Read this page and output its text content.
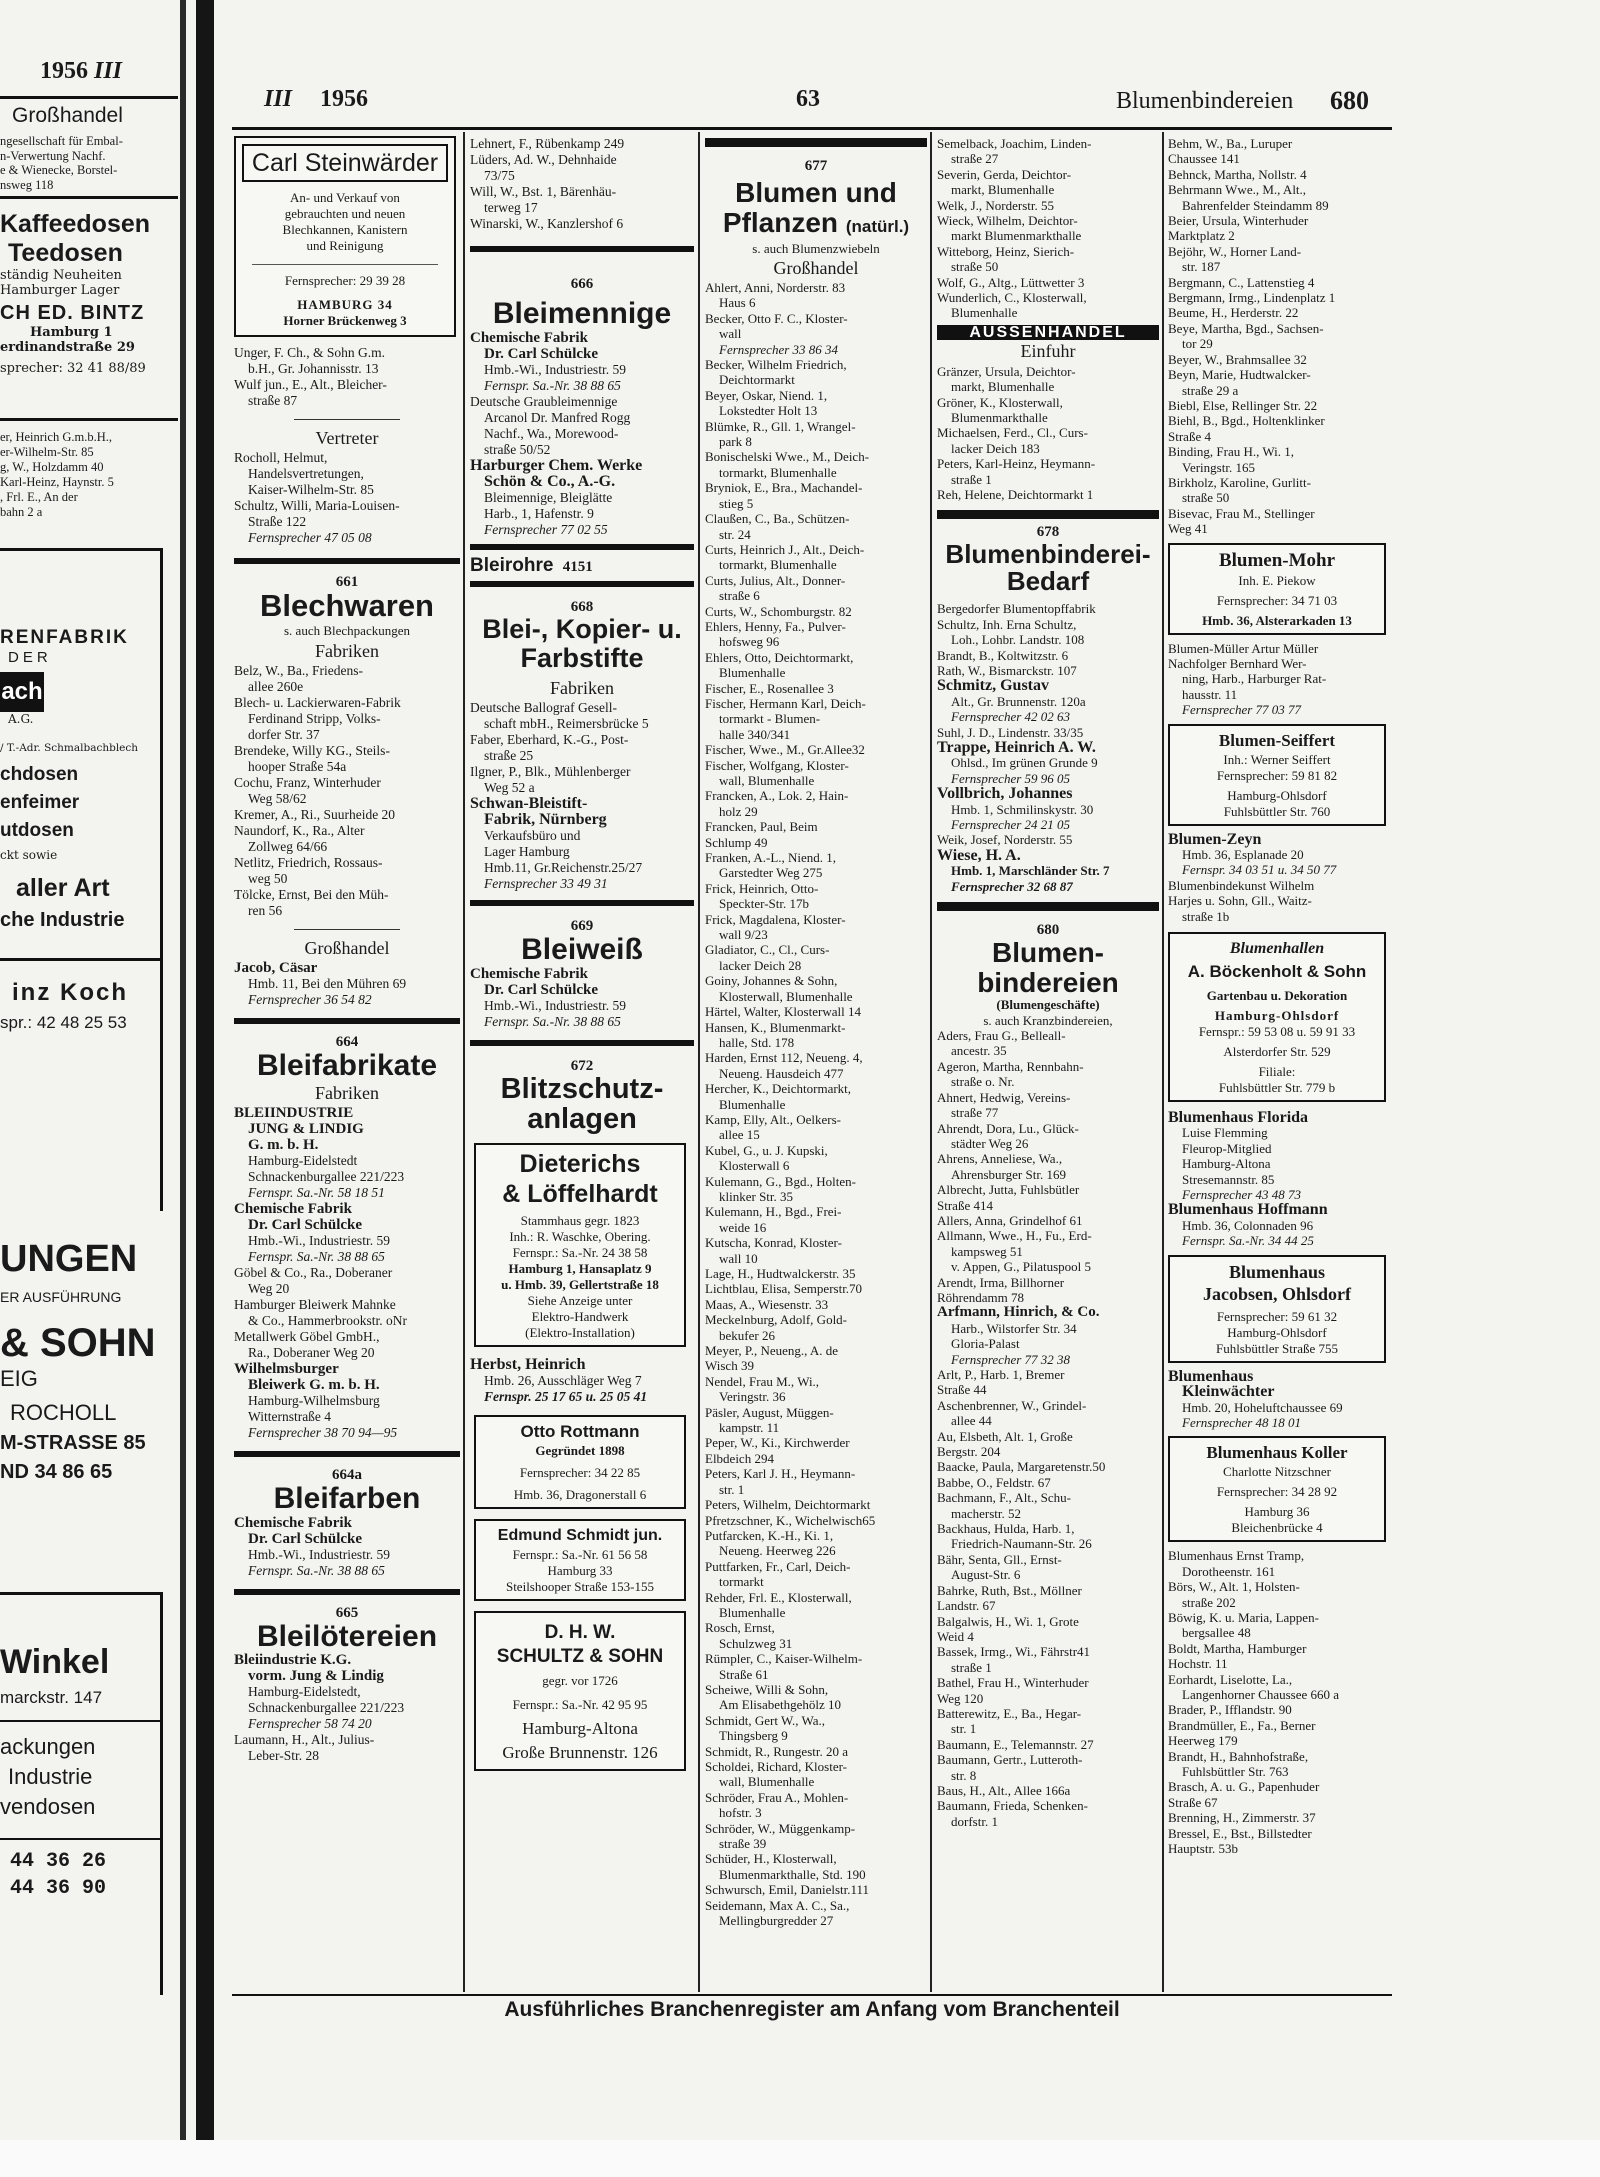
1956 III
Großhandel

ngesellschaft für Embal-

n-Verwertung Nachf.

e & Wienecke, Borstel-

nsweg 118

Kaffeedosen
Teedosen
ständig Neuheiten
Hamburger Lager
CH ED. BINTZ
Hamburg 1
erdinandstraße 29
sprecher: 32 41 88/89

er, Heinrich G.m.b.H.,

er-Wilhelm-Str. 85

g, W., Holzdamm 40

Karl-Heinz, Haynstr. 5

, Frl. E., An der

bahn 2 a

RENFABRIK
DER
ach
A.G.
/ T.-Adr. Schmalbachblech
chdosen
enfeimer
utdosen
ckt sowie
aller Art
che Industrie
inz Koch
spr.: 42 48 25 53
UNGEN
ER AUSFÜHRUNG
& SOHN
EIG
ROCHOLL
M-STRASSE 85
ND 34 86 65
Winkel
marckstr. 147
ackungen
Industrie
vendosen
44 36 26
44 36 90
III 1956	63	Blumenbindereien 680
Carl Steinwärder

An- und Verkauf von

gebrauchten und neuen

Blechkannen, Kanistern

und Reinigung

Fernsprecher: 29 39 28

HAMBURG 34

Horner Brückenweg 3

Unger, F. Ch., & Sohn G.m.

b.H., Gr. Johannisstr. 13

Wulf jun., E., Alt., Bleicher-

straße 87

Vertreter

Rocholl, Helmut,

Handelsvertretungen,

Kaiser-Wilhelm-Str. 85

Schultz, Willi, Maria-Louisen-

Straße 122

Fernsprecher 47 05 08

661
Blechwaren
s. auch Blechpackungen
Fabriken

Belz, W., Ba., Friedens-

allee 260e

Blech- u. Lackierwaren-Fabrik

Ferdinand Stripp, Volks-

dorfer Str. 37

Brendeke, Willy KG., Steils-

hooper Straße 54a

Cochu, Franz, Winterhuder

Weg 58/62

Kremer, A., Ri., Suurheide 20

Naundorf, K., Ra., Alter

Zollweg 64/66

Netlitz, Friedrich, Rossaus-

weg 50

Tölcke, Ernst, Bei den Müh-

ren 56

Großhandel

Jacob, Cäsar

Hmb. 11, Bei den Mühren 69

Fernsprecher 36 54 82

664
Bleifabrikate
Fabriken

BLEIINDUSTRIE

JUNG & LINDIG

G. m. b. H.

Hamburg-Eidelstedt

Schnackenburgallee 221/223

Fernspr. Sa.-Nr. 58 18 51

Chemische Fabrik

Dr. Carl Schülcke

Hmb.-Wi., Industriestr. 59

Fernspr. Sa.-Nr. 38 88 65

Göbel & Co., Ra., Doberaner

Weg 20

Hamburger Bleiwerk Mahnke

& Co., Hammerbrookstr. oNr

Metallwerk Göbel GmbH.,

Ra., Doberaner Weg 20

Wilhelmsburger

Bleiwerk G. m. b. H.

Hamburg-Wilhelmsburg

Witternstraße 4

Fernsprecher 38 70 94—95

664a
Bleifarben

Chemische Fabrik

Dr. Carl Schülcke

Hmb.-Wi., Industriestr. 59

Fernspr. Sa.-Nr. 38 88 65

665
Bleilötereien

Bleiindustrie K.G.

vorm. Jung & Lindig

Hamburg-Eidelstedt,

Schnackenburgallee 221/223

Fernsprecher 58 74 20

Laumann, H., Alt., Julius-

Leber-Str. 28

Lehnert, F., Rübenkamp 249

Lüders, Ad. W., Dehnhaide

73/75

Will, W., Bst. 1, Bärenhäu-

terweg 17

Winarski, W., Kanzlershof 6

666
Bleimennige

Chemische Fabrik

Dr. Carl Schülcke

Hmb.-Wi., Industriestr. 59

Fernspr. Sa.-Nr. 38 88 65

Deutsche Graubleimennige

Arcanol Dr. Manfred Rogg

Nachf., Wa., Morewood-

straße 50/52

Harburger Chem. Werke

Schön & Co., A.-G.

Bleimennige, Bleiglätte

Harb., 1, Hafenstr. 9

Fernsprecher 77 02 55

Bleirohre 4151
668
Blei-, Kopier- u.
Farbstifte
Fabriken

Deutsche Ballograf Gesell-

schaft mbH., Reimersbrücke 5

Faber, Eberhard, K.-G., Post-

straße 25

Ilgner, P., Blk., Mühlenberger

Weg 52 a

Schwan-Bleistift-

Fabrik, Nürnberg

Verkaufsbüro und

Lager Hamburg

Hmb.11, Gr.Reichenstr.25/27

Fernsprecher 33 49 31

669
Bleiweiß

Chemische Fabrik

Dr. Carl Schülcke

Hmb.-Wi., Industriestr. 59

Fernspr. Sa.-Nr. 38 88 65

672
Blitzschutz-
anlagen
Dieterichs
& Löffelhardt

Stammhaus gegr. 1823

Inh.: R. Waschke, Obering.

Fernspr.: Sa.-Nr. 24 38 58

Hamburg 1, Hansaplatz 9

u. Hmb. 39, Gellertstraße 18

Siehe Anzeige unter

Elektro-Handwerk

(Elektro-Installation)

Herbst, Heinrich

Hmb. 26, Ausschläger Weg 7

Fernspr. 25 17 65 u. 25 05 41

Otto Rottmann

Gegründet 1898

Fernsprecher: 34 22 85

Hmb. 36, Dragonerstall 6

Edmund Schmidt jun.

Fernspr.: Sa.-Nr. 61 56 58

Hamburg 33

Steilshooper Straße 153-155

D. H. W.
SCHULTZ & SOHN

gegr. vor 1726

Fernspr.: Sa.-Nr. 42 95 95

Hamburg-Altona

Große Brunnenstr. 126

677
Blumen und
Pflanzen (natürl.)
s. auch Blumenzwiebeln
Großhandel

Ahlert, Anni, Norderstr. 83

Haus 6

Becker, Otto F. C., Kloster-

wall

Fernsprecher 33 86 34

Becker, Wilhelm Friedrich,

Deichtormarkt

Beyer, Oskar, Niend. 1,

Lokstedter Holt 13

Blümke, R., Gll. 1, Wrangel-

park 8

Bonischelski Wwe., M., Deich-

tormarkt, Blumenhalle

Bryniok, E., Bra., Machandel-

stieg 5

Claußen, C., Ba., Schützen-

str. 24

Curts, Heinrich J., Alt., Deich-

tormarkt, Blumenhalle

Curts, Julius, Alt., Donner-

straße 6

Curts, W., Schomburgstr. 82

Ehlers, Henny, Fa., Pulver-

hofsweg 96

Ehlers, Otto, Deichtormarkt,

Blumenhalle

Fischer, E., Rosenallee 3

Fischer, Hermann Karl, Deich-

tormarkt - Blumen-

halle 340/341

Fischer, Wwe., M., Gr.Allee32

Fischer, Wolfgang, Kloster-

wall, Blumenhalle

Francken, A., Lok. 2, Hain-

holz 29

Francken, Paul, Beim

Schlump 49

Franken, A.-L., Niend. 1,

Garstedter Weg 275

Frick, Heinrich, Otto-

Speckter-Str. 17b

Frick, Magdalena, Kloster-

wall 9/23

Gladiator, C., Cl., Curs-

lacker Deich 28

Goiny, Johannes & Sohn,

Klosterwall, Blumenhalle

Härtel, Walter, Klosterwall 14

Hansen, K., Blumenmarkt-

halle, Std. 178

Harden, Ernst 112, Neueng. 4,

Neueng. Hausdeich 477

Hercher, K., Deichtormarkt,

Blumenhalle

Kamp, Elly, Alt., Oelkers-

allee 15

Kubel, G., u. J. Kupski,

Klosterwall 6

Kulemann, G., Bgd., Holten-

klinker Str. 35

Kulemann, H., Bgd., Frei-

weide 16

Kutscha, Konrad, Kloster-

wall 10

Lage, H., Hudtwalckerstr. 35

Lichtblau, Elisa, Semperstr.70

Maas, A., Wiesenstr. 33

Meckelnburg, Adolf, Gold-

bekufer 26

Meyer, P., Neueng., A. de

Wisch 39

Nendel, Frau M., Wi.,

Veringstr. 36

Päsler, August, Müggen-

kampstr. 11

Peper, W., Ki., Kirchwerder

Elbdeich 294

Peters, Karl J. H., Heymann-

str. 1

Peters, Wilhelm, Deichtormarkt

Pfretzschner, K., Wichelwisch65

Putfarcken, K.-H., Ki. 1,

Neueng. Heerweg 226

Puttfarken, Fr., Carl, Deich-

tormarkt

Rehder, Frl. E., Klosterwall,

Blumenhalle

Rosch, Ernst,

Schulzweg 31

Rümpler, C., Kaiser-Wilhelm-

Straße 61

Scheiwe, Willi & Sohn,

Am Elisabethgehölz 10

Schmidt, Gert W., Wa.,

Thingsberg 9

Schmidt, R., Rungestr. 20 a

Scholdei, Richard, Kloster-

wall, Blumenhalle

Schröder, Frau A., Mohlen-

hofstr. 3

Schröder, W., Müggenkamp-

straße 39

Schüder, H., Klosterwall,

Blumenmarkthalle, Std. 190

Schwursch, Emil, Danielstr.111

Seidemann, Max A. C., Sa.,

Mellingburgredder 27

Semelback, Joachim, Linden-

straße 27

Severin, Gerda, Deichtor-

markt, Blumenhalle

Welk, J., Norderstr. 55

Wieck, Wilhelm, Deichtor-

markt Blumenmarkthalle

Witteborg, Heinz, Sierich-

straße 50

Wolf, G., Altg., Lüttwetter 3

Wunderlich, C., Klosterwall,

Blumenhalle

AUSSENHANDEL
Einfuhr

Gränzer, Ursula, Deichtor-

markt, Blumenhalle

Gröner, K., Klosterwall,

Blumenmarkthalle

Michaelsen, Ferd., Cl., Curs-

lacker Deich 183

Peters, Karl-Heinz, Heymann-

straße 1

Reh, Helene, Deichtormarkt 1

678
Blumenbinderei-
Bedarf

Bergedorfer Blumentopffabrik

Schultz, Inh. Erna Schultz,

Loh., Lohbr. Landstr. 108

Brandt, B., Koltwitzstr. 6

Rath, W., Bismarckstr. 107

Schmitz, Gustav

Alt., Gr. Brunnenstr. 120a

Fernsprecher 42 02 63

Suhl, J. D., Lindenstr. 33/35

Trappe, Heinrich A. W.

Ohlsd., Im grünen Grunde 9

Fernsprecher 59 96 05

Vollbrich, Johannes

Hmb. 1, Schmilinskystr. 30

Fernsprecher 24 21 05

Weik, Josef, Norderstr. 55

Wiese, H. A.

Hmb. 1, Marschländer Str. 7

Fernsprecher 32 68 87

680
Blumen-
bindereien
(Blumengeschäfte)
s. auch Kranzbindereien,

Aders, Frau G., Belleall-

ancestr. 35

Ageron, Martha, Rennbahn-

straße o. Nr.

Ahnert, Hedwig, Vereins-

straße 77

Ahrendt, Dora, Lu., Glück-

städter Weg 26

Ahrens, Anneliese, Wa.,

Ahrensburger Str. 169

Albrecht, Jutta, Fuhlsbütler

Straße 414

Allers, Anna, Grindelhof 61

Allmann, Wwe., H., Fu., Erd-

kampsweg 51

v. Appen, G., Pilatuspool 5

Arendt, Irma, Billhorner

Röhrendamm 78

Arfmann, Hinrich, & Co.

Harb., Wilstorfer Str. 34

Gloria-Palast

Fernsprecher 77 32 38

Arlt, P., Harb. 1, Bremer

Straße 44

Aschenbrenner, W., Grindel-

allee 44

Au, Elsbeth, Alt. 1, Große

Bergstr. 204

Baacke, Paula, Margaretenstr.50

Babbe, O., Feldstr. 67

Bachmann, F., Alt., Schu-

macherstr. 52

Backhaus, Hulda, Harb. 1,

Friedrich-Naumann-Str. 26

Bähr, Senta, Gll., Ernst-

August-Str. 6

Bahrke, Ruth, Bst., Möllner

Landstr. 67

Balgalwis, H., Wi. 1, Grote

Weid 4

Bassek, Irmg., Wi., Fährstr41

straße 1

Bathel, Frau H., Winterhuder

Weg 120

Batterewitz, E., Ba., Hegar-

str. 1

Baumann, E., Telemannstr. 27

Baumann, Gertr., Lutteroth-

str. 8

Baus, H., Alt., Allee 166a

Baumann, Frieda, Schenken-

dorfstr. 1

Behm, W., Ba., Luruper

Chaussee 141

Behnck, Martha, Nollstr. 4

Behrmann Wwe., M., Alt.,

Bahrenfelder Steindamm 89

Beier, Ursula, Winterhuder

Marktplatz 2

Bejöhr, W., Horner Land-

str. 187

Bergmann, C., Lattenstieg 4

Bergmann, Irmg., Lindenplatz 1

Beume, H., Herderstr. 22

Beye, Martha, Bgd., Sachsen-

tor 29

Beyer, W., Brahmsallee 32

Beyn, Marie, Hudtwalcker-

straße 29 a

Biebl, Else, Rellinger Str. 22

Biehl, B., Bgd., Holtenklinker

Straße 4

Binding, Frau H., Wi. 1,

Veringstr. 165

Birkholz, Karoline, Gurlitt-

straße 50

Bisevac, Frau M., Stellinger

Weg 41

Blumen-Mohr

Inh. E. Piekow

Fernsprecher: 34 71 03

Hmb. 36, Alsterarkaden 13

Blumen-Müller Artur Müller

Nachfolger Bernhard Wer-

ning, Harb., Harburger Rat-

hausstr. 11

Fernsprecher 77 03 77

Blumen-Seiffert

Inh.: Werner Seiffert

Fernsprecher: 59 81 82

Hamburg-Ohlsdorf

Fuhlsbüttler Str. 760

Blumen-Zeyn

Hmb. 36, Esplanade 20

Fernspr. 34 03 51 u. 34 50 77

Blumenbindekunst Wilhelm

Harjes u. Sohn, Gll., Waitz-

straße 1b

Blumenhallen
A. Böckenholt & Sohn

Gartenbau u. Dekoration

Hamburg-Ohlsdorf

Fernspr.: 59 53 08 u. 59 91 33

Alsterdorfer Str. 529

Filiale:

Fuhlsbüttler Str. 779 b

Blumenhaus Florida

Luise Flemming

Fleurop-Mitglied

Hamburg-Altona

Stresemannstr. 85

Fernsprecher 43 48 73

Blumenhaus Hoffmann

Hmb. 36, Colonnaden 96

Fernspr. Sa.-Nr. 34 44 25

Blumenhaus
Jacobsen, Ohlsdorf

Fernsprecher: 59 61 32

Hamburg-Ohlsdorf

Fuhlsbüttler Straße 755

Blumenhaus

Kleinwächter

Hmb. 20, Hoheluftchaussee 69

Fernsprecher 48 18 01

Blumenhaus Koller

Charlotte Nitzschner

Fernsprecher: 34 28 92

Hamburg 36

Bleichenbrücke 4

Blumenhaus Ernst Tramp,

Dorotheenstr. 161

Börs, W., Alt. 1, Holsten-

straße 202

Böwig, K. u. Maria, Lappen-

bergsallee 48

Boldt, Martha, Hamburger

Hochstr. 11

Eorhardt, Liselotte, La.,

Langenhorner Chaussee 660 a

Brader, P., Ifflandstr. 90

Brandmüller, E., Fa., Berner

Heerweg 179

Brandt, H., Bahnhofstraße,

Fuhlsbüttler Str. 763

Brasch, A. u. G., Papenhuder

Straße 67

Brenning, H., Zimmerstr. 37

Bressel, E., Bst., Billstedter

Hauptstr. 53b

Ausführliches Branchenregister am Anfang vom Branchenteil
